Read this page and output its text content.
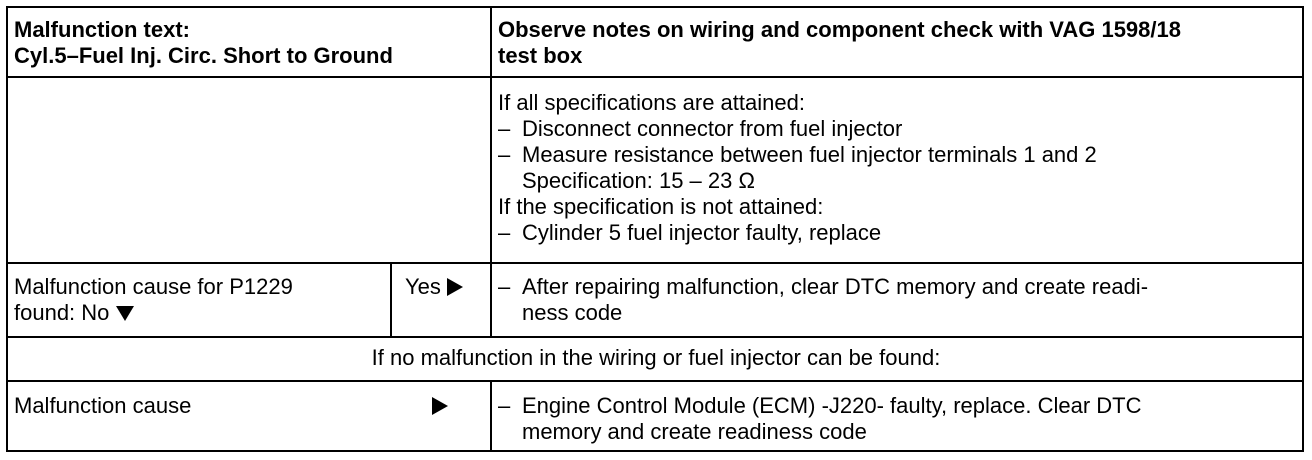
Malfunction text:
Cyl.5–Fuel Inj. Circ. Short to Ground
Observe notes on wiring and component check with VAG 1598/18
test box
If all specifications are attained:
– Disconnect connector from fuel injector
– Measure resistance between fuel injector terminals 1 and 2
Specification: 15 – 23 Ω
If the specification is not attained:
– Cylinder 5 fuel injector faulty, replace
Malfunction cause for P1229
found: No
Yes	– After repairing malfunction, clear DTC memory and create readi-
ness code
If no malfunction in the wiring or fuel injector can be found:
Malfunction cause	– Engine Control Module (ECM) -J220- faulty, replace. Clear DTC
memory and create readiness code
